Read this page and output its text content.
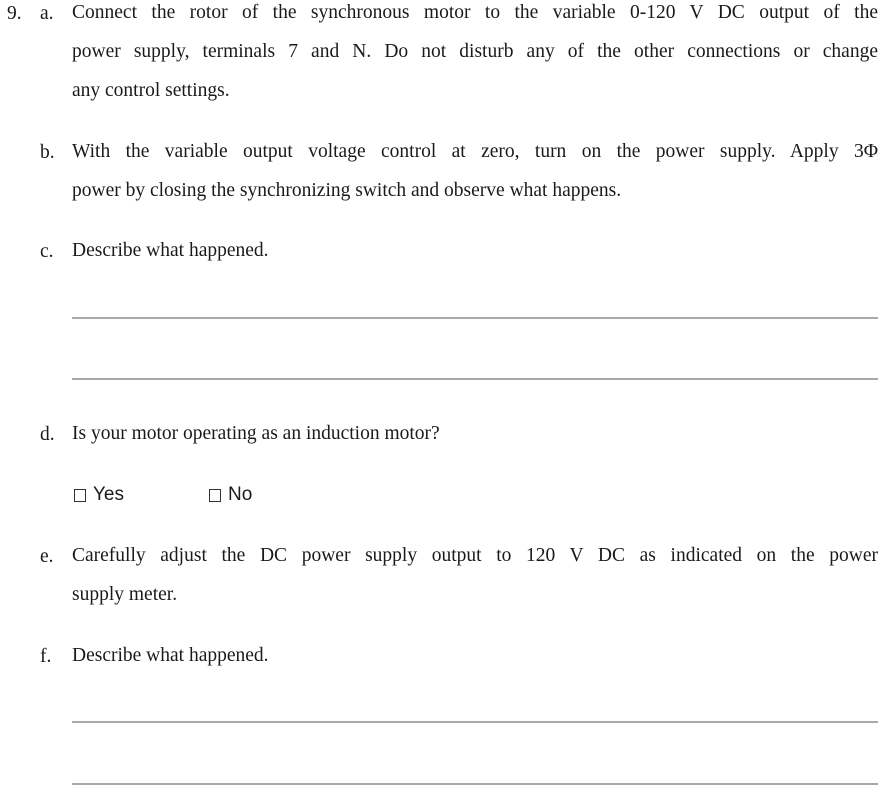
9. a. Connect the rotor of the synchronous motor to the variable 0-120 V DC output of the
power supply, terminals 7 and N. Do not disturb any of the other connections or change
any control settings.
b. With the variable output voltage control at zero, turn on the power supply. Apply 3Φ
power by closing the synchronizing switch and observe what happens.
c. Describe what happened.
d. Is your motor operating as an induction motor?
Yes	No
e. Carefully adjust the DC power supply output to 120 V DC as indicated on the power
supply meter.
f. Describe what happened.
